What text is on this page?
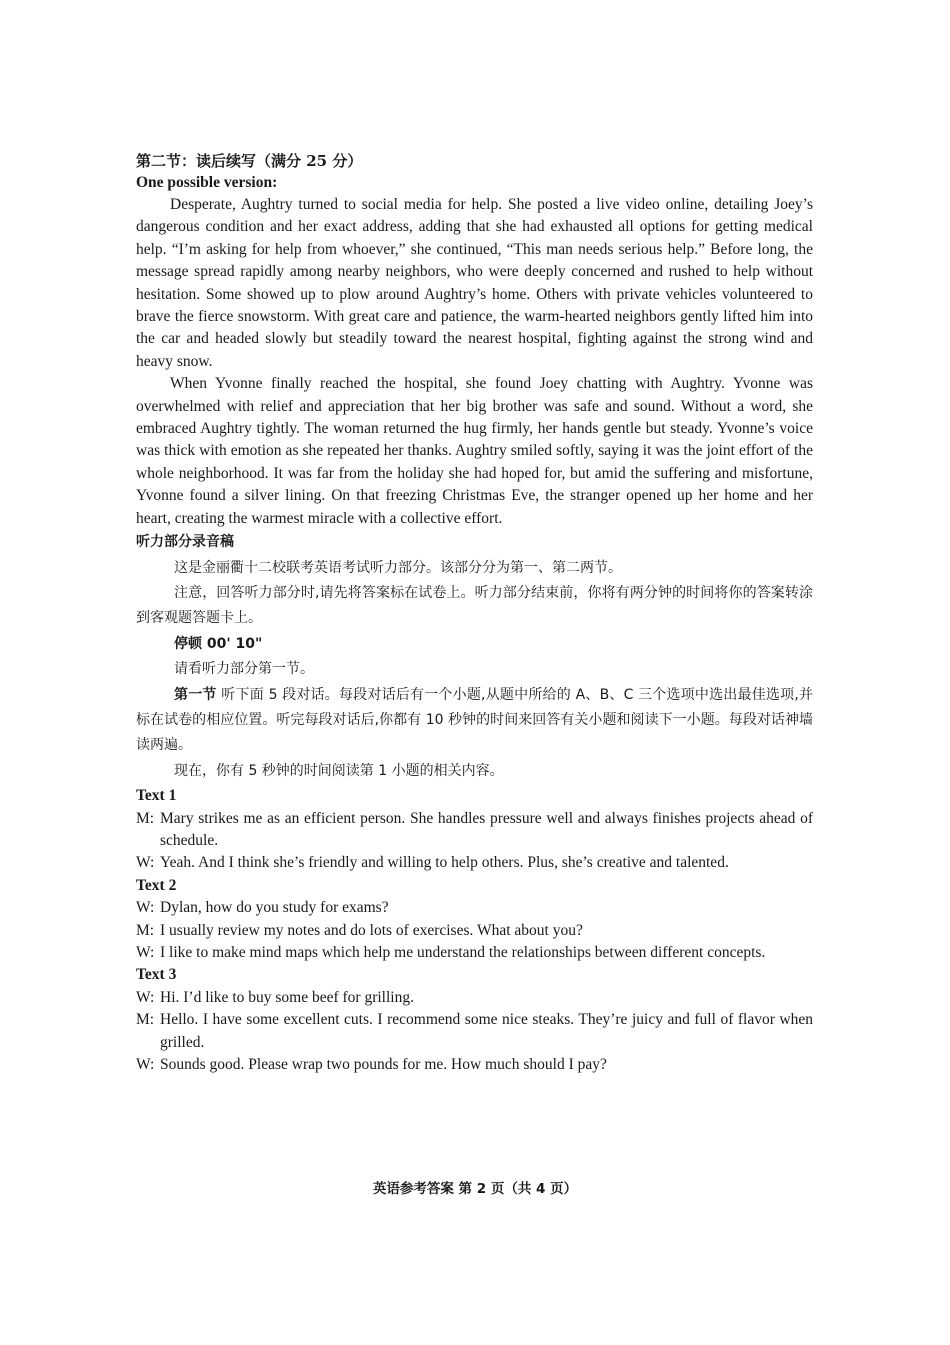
第二节：读后续写（满分 25 分）

One possible version:

Desperate, Aughtry turned to social media for help. She posted a live video online, detailing Joey’s dangerous condition and her exact address, adding that she had exhausted all options for getting medical help. “I’m asking for help from whoever,” she continued, “This man needs serious help.” Before long, the message spread rapidly among nearby neighbors, who were deeply concerned and rushed to help without hesitation. Some showed up to plow around Aughtry’s home. Others with private vehicles volunteered to brave the fierce snowstorm. With great care and patience, the warm-hearted neighbors gently lifted him into the car and headed slowly but steadily toward the nearest hospital, fighting against the strong wind and heavy snow.

When Yvonne finally reached the hospital, she found Joey chatting with Aughtry. Yvonne was overwhelmed with relief and appreciation that her big brother was safe and sound. Without a word, she embraced Aughtry tightly. The woman returned the hug firmly, her hands gentle but steady. Yvonne’s voice was thick with emotion as she repeated her thanks. Aughtry smiled softly, saying it was the joint effort of the whole neighborhood. It was far from the holiday she had hoped for, but amid the suffering and misfortune, Yvonne found a silver lining. On that freezing Christmas Eve, the stranger opened up her home and her heart, creating the warmest miracle with a collective effort.

听力部分录音稿

这是金丽衢十二校联考英语考试听力部分。该部分分为第一、第二两节。

注意，回答听力部分时,请先将答案标在试卷上。听力部分结束前，你将有两分钟的时间将你的答案转涂到客观题答题卡上。

停顿 00' 10"

请看听力部分第一节。

第一节 听下面 5 段对话。每段对话后有一个小题,从题中所给的 A、B、C 三个选项中选出最佳选项,并标在试卷的相应位置。听完每段对话后,你都有 10 秒钟的时间来回答有关小题和阅读下一小题。每段对话神墙读两遍。

现在，你有 5 秒钟的时间阅读第 1 小题的相关内容。

Text 1

M: Mary strikes me as an efficient person. She handles pressure well and always finishes projects ahead of schedule.
W: Yeah. And I think she’s friendly and willing to help others. Plus, she’s creative and talented.

Text 2

W: Dylan, how do you study for exams?
M: I usually review my notes and do lots of exercises. What about you?
W: I like to make mind maps which help me understand the relationships between different concepts.

Text 3

W: Hi. I’d like to buy some beef for grilling.
M: Hello. I have some excellent cuts. I recommend some nice steaks. They’re juicy and full of flavor when grilled.
W: Sounds good. Please wrap two pounds for me. How much should I pay?
英语参考答案 第 2 页（共 4 页）
